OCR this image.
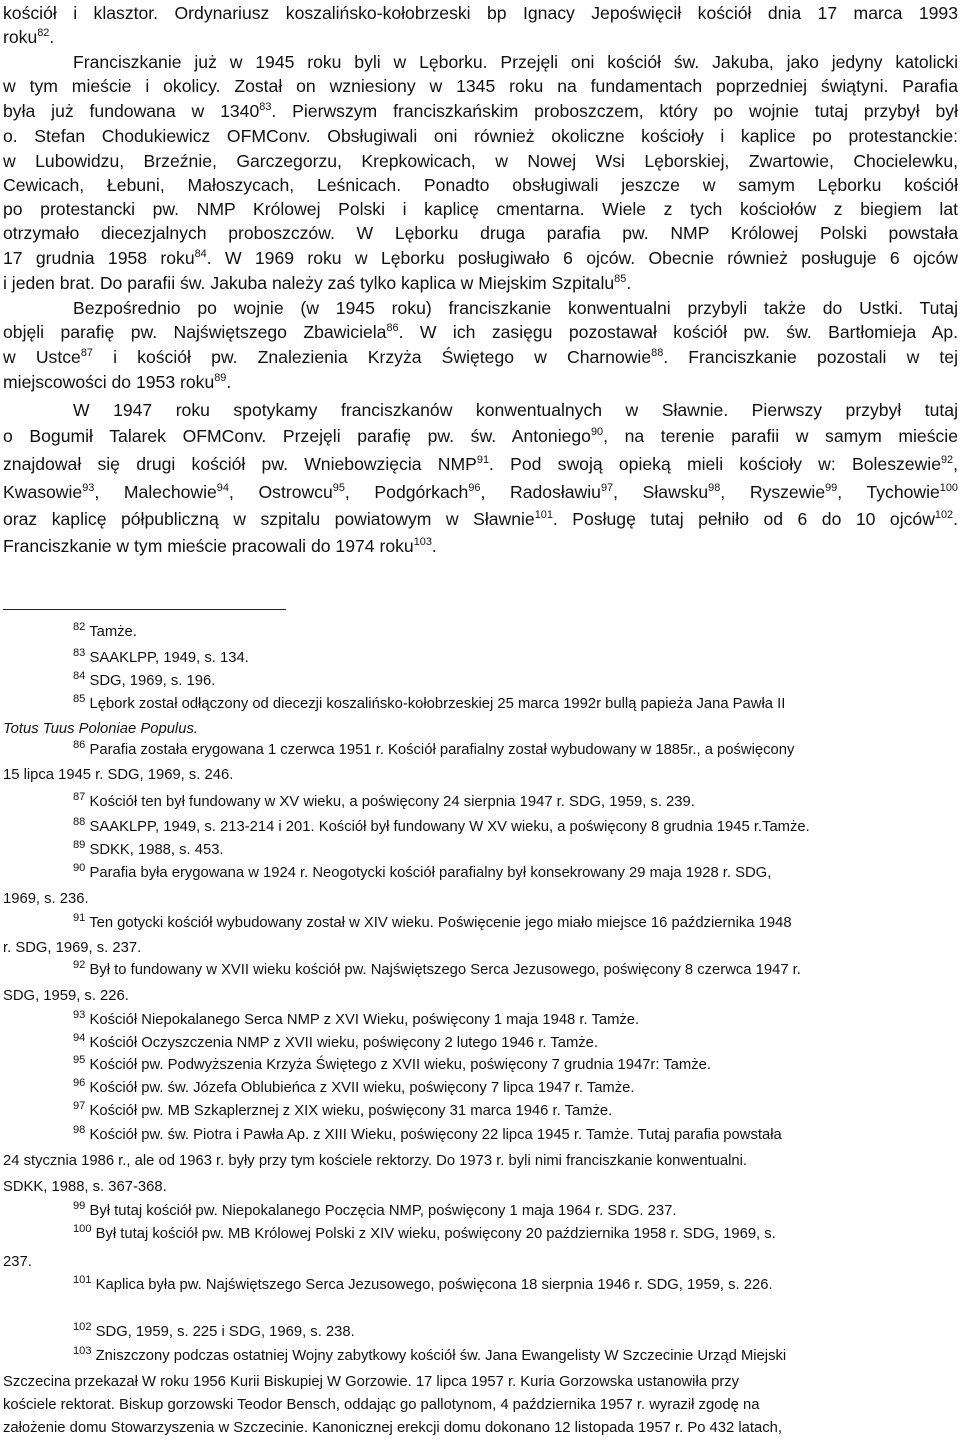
kościół i klasztor. Ordynariusz koszalińsko-kołobrzeski bp Ignacy Jepoświęcił kościół dnia 17 marca 1993
roku$^{82}$.
Franciszkanie już w 1945 roku byli w Lęborku. Przejęli oni kościół św. Jakuba, jako jedyny katolicki
w tym mieście i okolicy. Został on wzniesiony w 1345 roku na fundamentach poprzedniej świątyni. Parafia
była już fundowana w 1340$^{83}$. Pierwszym franciszkańskim proboszczem, który po wojnie tutaj przybył był
o. Stefan Chodukiewicz OFMConv. Obsługiwali oni również okoliczne kościoły i kaplice po protestanckie:
w Lubowidzu, Brzeźnie, Garczegorzu, Krepkowicach, w Nowej Wsi Lęborskiej, Zwartowie, Chocielewku,
Cewicach, Łebuni, Małoszycach, Leśnicach. Ponadto obsługiwali jeszcze w samym Lęborku kościół
po protestancki pw. NMP Królowej Polski i kaplicę cmentarna. Wiele z tych kościołów z biegiem lat
otrzymało diecezjalnych proboszczów. W Lęborku druga parafia pw. NMP Królowej Polski powstała
17 grudnia 1958 roku$^{84}$. W 1969 roku w Lęborku posługiwało 6 ojców. Obecnie również posługuje 6 ojców
i jeden brat. Do parafii św. Jakuba należy zaś tylko kaplica w Miejskim Szpitalu$^{85}$.
Bezpośrednio po wojnie (w 1945 roku) franciszkanie konwentualni przybyli także do Ustki. Tutaj
objęli parafię pw. Najświętszego Zbawiciela$^{86}$. W ich zasięgu pozostawał kościół pw. św. Bartłomieja Ap.
w Ustce$^{87}$ i kościół pw. Znalezienia Krzyża Świętego w Charnowie$^{88}$. Franciszkanie pozostali w tej
miejscowości do 1953 roku$^{89}$.
W 1947 roku spotykamy franciszkanów konwentualnych w Sławnie. Pierwszy przybył tutaj
o Bogumił Talarek OFMConv. Przejęli parafię pw. św. Antoniego$^{90}$, na terenie parafii w samym mieście
znajdował się drugi kościół pw. Wniebowzięcia NMP$^{91}$. Pod swoją opieką mieli kościoły w: Boleszewie$^{92}$,
Kwasowie$^{93}$, Malechowie$^{94}$, Ostrowcu$^{95}$, Podgórkach$^{96}$, Radosławiu$^{97}$, Sławsku$^{98}$, Ryszewie$^{99}$, Tychowie$^{100}$
oraz kaplicę półpubliczną w szpitalu powiatowym w Sławnie$^{101}$. Posługę tutaj pełniło od 6 do 10 ojców$^{102}$.
Franciszkanie w tym mieście pracowali do 1974 roku$^{103}$.
$^{82}$ Tamże.
$^{83}$ SAAKLPP, 1949, s. 134.
$^{84}$ SDG, 1969, s. 196.
$^{85}$ Lębork został odłączony od diecezji koszalińsko-kołobrzeskiej 25 marca 1992r bullą papieża Jana Pawła II
Totus Tuus Poloniae Populus.
$^{86}$ Parafia została erygowana 1 czerwca 1951 r. Kościół parafialny został wybudowany w 1885r., a poświęcony
15 lipca 1945 r. SDG, 1969, s. 246.
$^{87}$ Kościół ten był fundowany w XV wieku, a poświęcony 24 sierpnia 1947 r. SDG, 1959, s. 239.
$^{88}$ SAAKLPP, 1949, s. 213-214 i 201. Kościół był fundowany W XV wieku, a poświęcony 8 grudnia 1945 r.Tamże.
$^{89}$ SDKK, 1988, s. 453.
$^{90}$ Parafia była erygowana w 1924 r. Neogotycki kościół parafialny był konsekrowany 29 maja 1928 r. SDG,
1969, s. 236.
$^{91}$ Ten gotycki kościół wybudowany został w XIV wieku. Poświęcenie jego miało miejsce 16 października 1948
r. SDG, 1969, s. 237.
$^{92}$ Był to fundowany w XVII wieku kościół pw. Najświętszego Serca Jezusowego, poświęcony 8 czerwca 1947 r.
SDG, 1959, s. 226.
$^{93}$ Kościół Niepokalanego Serca NMP z XVI Wieku, poświęcony 1 maja 1948 r. Tamże.
$^{94}$ Kościół Oczyszczenia NMP z XVII wieku, poświęcony 2 lutego 1946 r. Tamże.
$^{95}$ Kościół pw. Podwyższenia Krzyża Świętego z XVII wieku, poświęcony 7 grudnia 1947r: Tamże.
$^{96}$ Kościół pw. św. Józefa Oblubieńca z XVII wieku, poświęcony 7 lipca 1947 r. Tamże.
$^{97}$ Kościół pw. MB Szkaplerznej z XIX wieku, poświęcony 31 marca 1946 r. Tamże.
$^{98}$ Kościół pw. św. Piotra i Pawła Ap. z XIII Wieku, poświęcony 22 lipca 1945 r. Tamże. Tutaj parafia powstała
24 stycznia 1986 r., ale od 1963 r. były przy tym kościele rektorzy. Do 1973 r. byli nimi franciszkanie konwentualni.
SDKK, 1988, s. 367-368.
$^{99}$ Był tutaj kościół pw. Niepokalanego Poczęcia NMP, poświęcony 1 maja 1964 r. SDG. 237.
$^{100}$ Był tutaj kościół pw. MB Królowej Polski z XIV wieku, poświęcony 20 października 1958 r. SDG, 1969, s.
237.
$^{101}$ Kaplica była pw. Najświętszego Serca Jezusowego, poświęcona 18 sierpnia 1946 r. SDG, 1959, s. 226.
$^{102}$ SDG, 1959, s. 225 i SDG, 1969, s. 238.
$^{103}$ Zniszczony podczas ostatniej Wojny zabytkowy kościół św. Jana Ewangelisty W Szczecinie Urząd Miejski
Szczecina przekazał W roku 1956 Kurii Biskupiej W Gorzowie. 17 lipca 1957 r. Kuria Gorzowska ustanowiła przy
kościele rektorat. Biskup gorzowski Teodor Bensch, oddając go pallotynom, 4 października 1957 r. wyraził zgodę na
założenie domu Stowarzyszenia w Szczecinie. Kanonicznej erekcji domu dokonano 12 listopada 1957 r. Po 432 latach,
